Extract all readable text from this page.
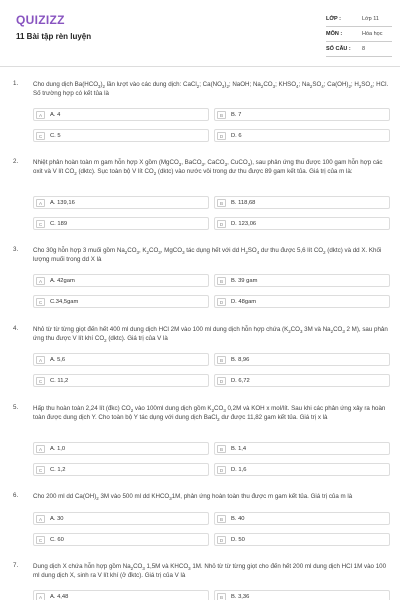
QUIZIZZ
11 Bài tập rèn luyện
LỚP :	Lớp 11
MÔN :	Hóa học
SỐ CÂU : 8
1. Cho dung dịch $Ba(HCO_3)_2$ lần lượt vào các dung dịch: CaCl$_2$; $Ca(NO_3)_2$; NaOH; $Na_2CO_3$; $KHSO_4$; $Na_2SO_4$; $Ca(OH)_2$; $H_2SO_4$; HCl. Số trường hợp có kết tủa là
A	A. 4	B	B. 7
C	C. 5	D	D. 6
2. Nhiệt phân hoàn toàn m gam hỗn hợp X gồm (MgCO$_3$, BaCO$_3$, CaCO$_3$, CuCO$_3$), sau phản ứng thu được 100 gam hỗn hợp các oxit và V lít $CO_2$ (dktc). Sục toàn bộ V lít $CO_2$ (dktc) vào nước vôi trong dư thu được 89 gam kết tủa. Giá trị của m là:
A	A. 139,16	B	B. 118,68
C	C. 189	D	D. 123,06
3. Cho 30g hỗn hợp 3 muối gồm $Na_2CO_3$, $K_2CO_3$, MgCO$_3$ tác dụng hết với dd $H_2SO_4$ dư thu được 5,6 lít $CO_2$ (dktc) và dd X. Khối lượng muối trong dd X là
A	A. 42gam	B	B. 39 gam
C	C.34,5gam	D	D. 48gam
4. Nhỏ từ từ từng giọt đến hết 400 ml dung dịch HCl 2M vào 100 ml dung dịch hỗn hợp chứa ($K_2CO_3$ 3M và $Na_2CO_3$ 2 M), sau phản ứng thu được V lít khí $CO_2$ (dktc). Giá trị của V là
A	A. 5,6	B	B. 8,96
C	C. 11,2	D	D. 6,72
5. Hấp thu hoàn toàn 2,24 lít (đkc) $CO_2$ vào 100ml dung dịch gồm $K_2CO_3$ 0,2M và KOH x mol/lít. Sau khi các phản ứng xảy ra hoàn toàn được dung dịch Y. Cho toàn bộ Y tác dụng với dung dịch BaCl$_2$ dư được 11,82 gam kết tủa. Giá trị x là
A	A. 1,0	B	B. 1,4
C	C. 1,2	D	D. 1,6
6. Cho 200 ml dd $Ca(OH)_2$ 3M vào 500 ml dd $KHCO_31M$, phản ứng hoàn toàn thu được m gam kết tủa. Giá trị của m là
A	A. 30	B	B. 40
C	C. 60	D	D. 50
7. Dung dịch X chứa hỗn hợp gồm $Na_2CO_3$ 1,5M và $KHCO_3$ 1M. Nhỏ từ từ từng giọt cho đến hết 200 ml dung dịch HCl 1M vào 100 ml dung dịch X, sinh ra V lít khí (ở đktc). Giá trị của V là
A	A. 4,48	B	B. 3,36
